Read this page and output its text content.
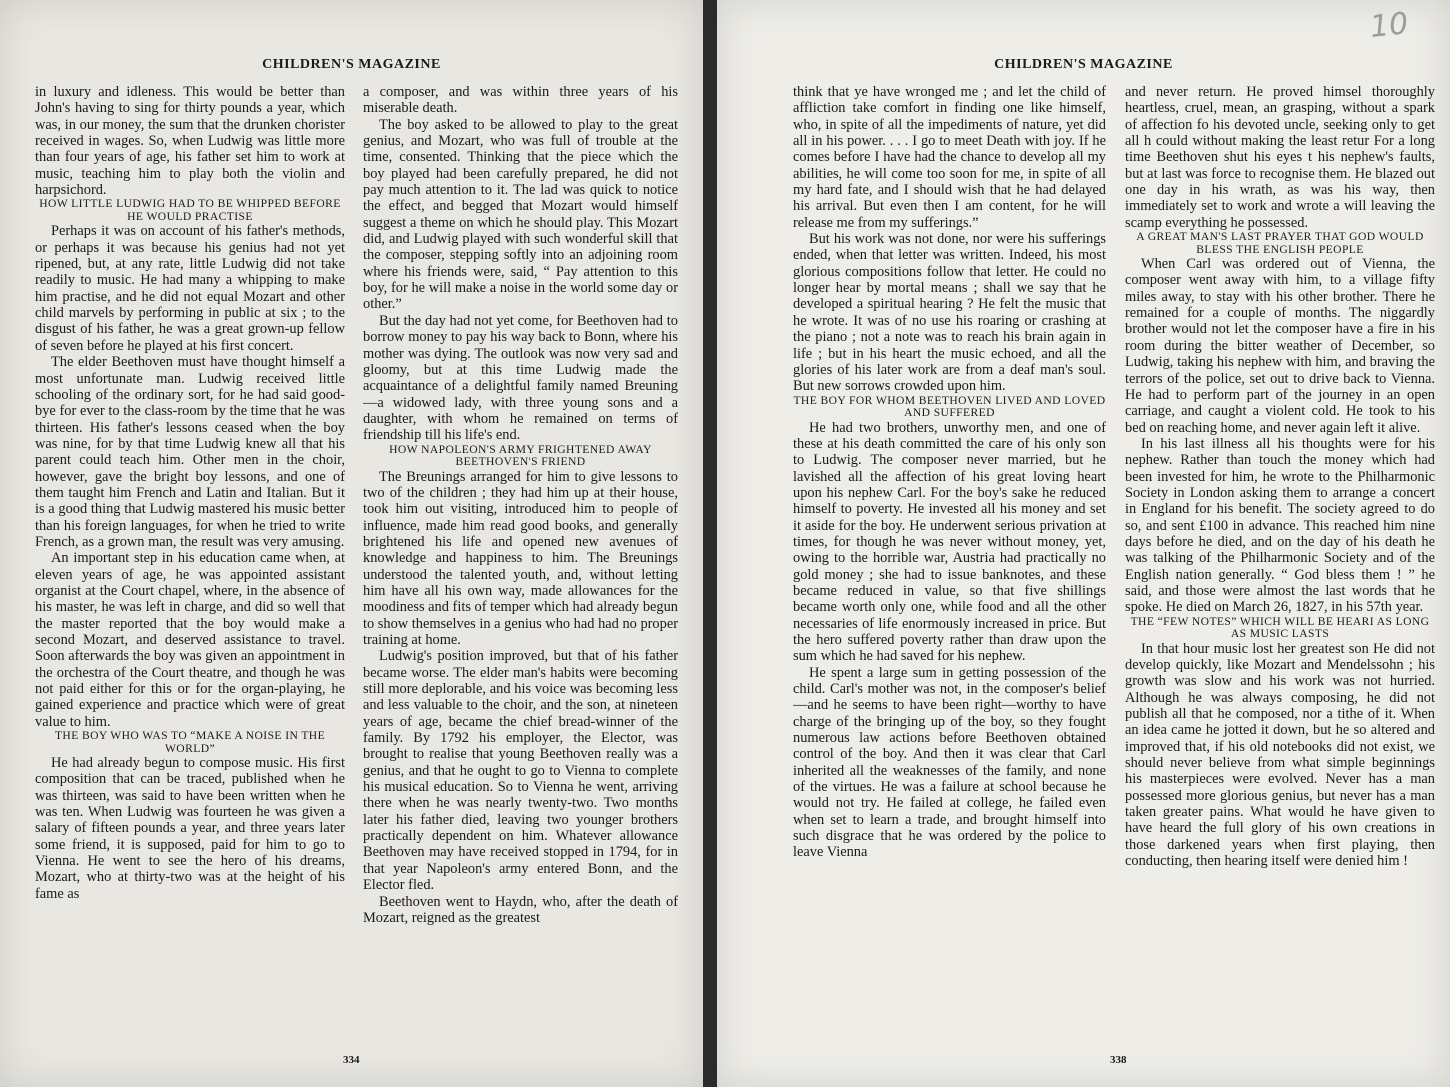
CHILDREN'S MAGAZINE

in luxury and idleness. This would be better than John's having to sing for thirty pounds a year, which was, in our money, the sum that the drunken chorister received in wages. So, when Ludwig was little more than four years of age, his father set him to work at music, teaching him to play both the violin and harpsichord.

HOW LITTLE LUDWIG HAD TO BE WHIPPED BEFORE HE WOULD PRACTISE

Perhaps it was on account of his father's methods, or perhaps it was because his genius had not yet ripened, but, at any rate, little Ludwig did not take readily to music. He had many a whipping to make him practise, and he did not equal Mozart and other child marvels by performing in public at six ; to the disgust of his father, he was a great grown-up fellow of seven before he played at his first concert.

The elder Beethoven must have thought himself a most unfortunate man. Ludwig received little schooling of the ordinary sort, for he had said good-bye for ever to the class-room by the time that he was thirteen. His father's lessons ceased when the boy was nine, for by that time Ludwig knew all that his parent could teach him. Other men in the choir, however, gave the bright boy lessons, and one of them taught him French and Latin and Italian. But it is a good thing that Ludwig mastered his music better than his foreign languages, for when he tried to write French, as a grown man, the result was very amusing.

An important step in his education came when, at eleven years of age, he was appointed assistant organist at the Court chapel, where, in the absence of his master, he was left in charge, and did so well that the master reported that the boy would make a second Mozart, and deserved assistance to travel. Soon afterwards the boy was given an appointment in the orchestra of the Court theatre, and though he was not paid either for this or for the organ-playing, he gained experience and practice which were of great value to him.

THE BOY WHO WAS TO “MAKE A NOISE IN THE WORLD”

He had already begun to compose music. His first composition that can be traced, published when he was thirteen, was said to have been written when he was ten. When Ludwig was fourteen he was given a salary of fifteen pounds a year, and three years later some friend, it is supposed, paid for him to go to Vienna. He went to see the hero of his dreams, Mozart, who at thirty-two was at the height of his fame as

a composer, and was within three years of his miserable death.

The boy asked to be allowed to play to the great genius, and Mozart, who was full of trouble at the time, consented. Thinking that the piece which the boy played had been carefully prepared, he did not pay much attention to it. The lad was quick to notice the effect, and begged that Mozart would himself suggest a theme on which he should play. This Mozart did, and Ludwig played with such wonderful skill that the composer, stepping softly into an adjoining room where his friends were, said, “ Pay attention to this boy, for he will make a noise in the world some day or other.”

But the day had not yet come, for Beethoven had to borrow money to pay his way back to Bonn, where his mother was dying. The outlook was now very sad and gloomy, but at this time Ludwig made the acquaintance of a delightful family named Breuning —a widowed lady, with three young sons and a daughter, with whom he remained on terms of friendship till his life's end.

HOW NAPOLEON'S ARMY FRIGHTENED AWAY BEETHOVEN'S FRIEND

The Breunings arranged for him to give lessons to two of the children ; they had him up at their house, took him out visiting, introduced him to people of influence, made him read good books, and generally brightened his life and opened new avenues of knowledge and happiness to him. The Breunings understood the talented youth, and, without letting him have all his own way, made allowances for the moodiness and fits of temper which had already begun to show themselves in a genius who had had no proper training at home.

Ludwig's position improved, but that of his father became worse. The elder man's habits were becoming still more deplorable, and his voice was becoming less and less valuable to the choir, and the son, at nineteen years of age, became the chief bread-winner of the family. By 1792 his employer, the Elector, was brought to realise that young Beethoven really was a genius, and that he ought to go to Vienna to complete his musical education. So to Vienna he went, arriving there when he was nearly twenty-two. Two months later his father died, leaving two younger brothers practically dependent on him. Whatever allowance Beethoven may have received stopped in 1794, for in that year Napoleon's army entered Bonn, and the Elector fled.

Beethoven went to Haydn, who, after the death of Mozart, reigned as the greatest

334
CHILDREN'S MAGAZINE
10

think that ye have wronged me ; and let the child of affliction take comfort in finding one like himself, who, in spite of all the impediments of nature, yet did all in his power. . . . I go to meet Death with joy. If he comes before I have had the chance to develop all my abilities, he will come too soon for me, in spite of all my hard fate, and I should wish that he had delayed his arrival. But even then I am content, for he will release me from my sufferings.”

But his work was not done, nor were his sufferings ended, when that letter was written. Indeed, his most glorious compositions follow that letter. He could no longer hear by mortal means ; shall we say that he developed a spiritual hearing ? He felt the music that he wrote. It was of no use his roaring or crashing at the piano ; not a note was to reach his brain again in life ; but in his heart the music echoed, and all the glories of his later work are from a deaf man's soul. But new sorrows crowded upon him.

THE BOY FOR WHOM BEETHOVEN LIVED AND LOVED AND SUFFERED

He had two brothers, unworthy men, and one of these at his death committed the care of his only son to Ludwig. The composer never married, but he lavished all the affection of his great loving heart upon his nephew Carl. For the boy's sake he reduced himself to poverty. He invested all his money and set it aside for the boy. He underwent serious privation at times, for though he was never without money, yet, owing to the horrible war, Austria had practically no gold money ; she had to issue banknotes, and these became reduced in value, so that five shillings became worth only one, while food and all the other necessaries of life enormously increased in price. But the hero suffered poverty rather than draw upon the sum which he had saved for his nephew.

He spent a large sum in getting possession of the child. Carl's mother was not, in the composer's belief—and he seems to have been right—worthy to have charge of the bringing up of the boy, so they fought numerous law actions before Beethoven obtained control of the boy. And then it was clear that Carl inherited all the weaknesses of the family, and none of the virtues. He was a failure at school because he would not try. He failed at college, he failed even when set to learn a trade, and brought himself into such disgrace that he was ordered by the police to leave Vienna

and never return. He proved himsel thoroughly heartless, cruel, mean, an grasping, without a spark of affection fo his devoted uncle, seeking only to get all h could without making the least retur For a long time Beethoven shut his eyes t his nephew's faults, but at last was force to recognise them. He blazed out one day in his wrath, as was his way, then immediately set to work and wrote a will leaving the scamp everything he possessed.

A GREAT MAN'S LAST PRAYER THAT GOD WOULD BLESS THE ENGLISH PEOPLE

When Carl was ordered out of Vienna, the composer went away with him, to a village fifty miles away, to stay with his other brother. There he remained for a couple of months. The niggardly brother would not let the composer have a fire in his room during the bitter weather of December, so Ludwig, taking his nephew with him, and braving the terrors of the police, set out to drive back to Vienna. He had to perform part of the journey in an open carriage, and caught a violent cold. He took to his bed on reaching home, and never again left it alive.

In his last illness all his thoughts were for his nephew. Rather than touch the money which had been invested for him, he wrote to the Philharmonic Society in London asking them to arrange a concert in England for his benefit. The society agreed to do so, and sent £100 in advance. This reached him nine days before he died, and on the day of his death he was talking of the Philharmonic Society and of the English nation generally. “ God bless them ! ” he said, and those were almost the last words that he spoke. He died on March 26, 1827, in his 57th year.

THE “FEW NOTES” WHICH WILL BE HEARI AS LONG AS MUSIC LASTS

In that hour music lost her greatest son He did not develop quickly, like Mozart and Mendelssohn ; his growth was slow and his work was not hurried. Although he was always composing, he did not publish all that he composed, nor a tithe of it. When an idea came he jotted it down, but he so altered and improved that, if his old notebooks did not exist, we should never believe from what simple beginnings his masterpieces were evolved. Never has a man possessed more glorious genius, but never has a man taken greater pains. What would he have given to have heard the full glory of his own creations in those darkened years when first playing, then conducting, then hearing itself were denied him !

338
